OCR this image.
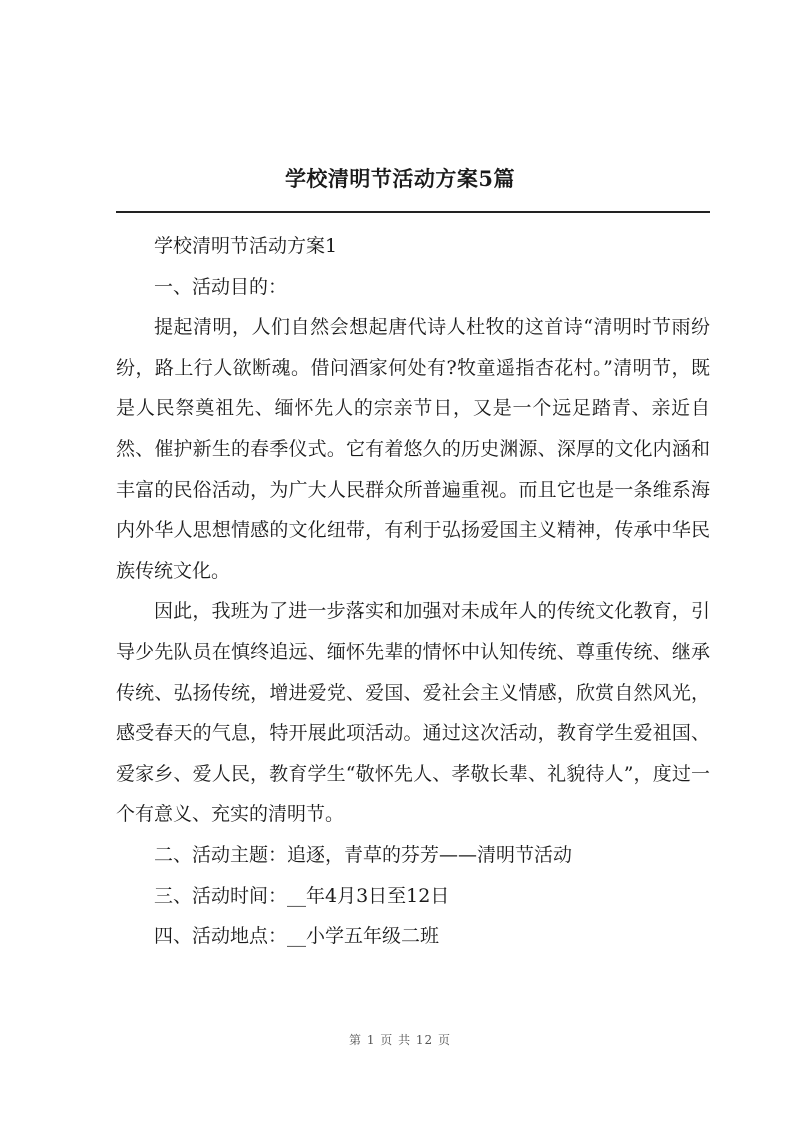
学校清明节活动方案5篇

学校清明节活动方案1

一、活动目的：

提起清明，人们自然会想起唐代诗人杜牧的这首诗“清明时节雨纷纷，路上行人欲断魂。借问酒家何处有?牧童遥指杏花村。”清明节，既是人民祭奠祖先、缅怀先人的宗亲节日，又是一个远足踏青、亲近自然、催护新生的春季仪式。它有着悠久的历史渊源、深厚的文化内涵和丰富的民俗活动，为广大人民群众所普遍重视。而且它也是一条维系海内外华人思想情感的文化纽带，有利于弘扬爱国主义精神，传承中华民族传统文化。

因此，我班为了进一步落实和加强对未成年人的传统文化教育，引导少先队员在慎终追远、缅怀先辈的情怀中认知传统、尊重传统、继承传统、弘扬传统，增进爱党、爱国、爱社会主义情感，欣赏自然风光，感受春天的气息，特开展此项活动。通过这次活动，教育学生爱祖国、爱家乡、爱人民，教育学生“敬怀先人、孝敬长辈、礼貌待人”，度过一个有意义、充实的清明节。

二、活动主题：追逐，青草的芬芳——清明节活动

三、活动时间：__年4月3日至12日

四、活动地点：__小学五年级二班

第 1 页 共 12 页
